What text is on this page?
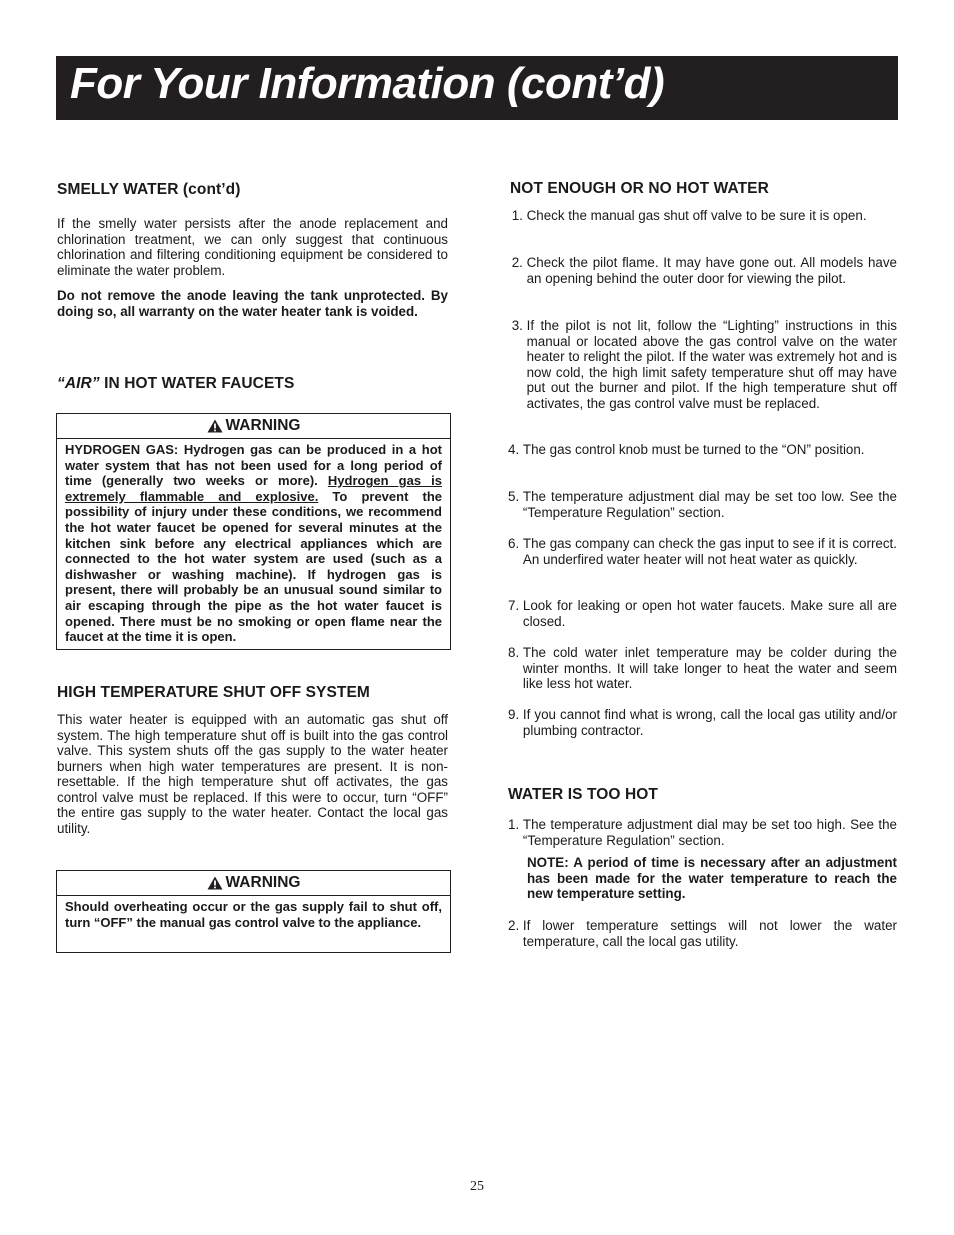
For Your Information (cont’d)

SMELLY WATER (cont’d)

If the smelly water persists after the anode replacement and chlorination treatment, we can only suggest that continuous chlorination and filtering conditioning equipment be considered to eliminate the water problem.

Do not remove the anode leaving the tank unprotected. By doing so, all warranty on the water heater tank is voided.

“AIR” IN HOT WATER FAUCETS

WARNING
HYDROGEN GAS: Hydrogen gas can be produced in a hot water system that has not been used for a long period of time (generally two weeks or more). Hydrogen gas is extremely flammable and explosive. To prevent the possibility of injury under these conditions, we recommend the hot water faucet be opened for several minutes at the kitchen sink before any electrical appliances which are connected to the hot water system are used (such as a dishwasher or washing machine). If hydrogen gas is present, there will probably be an unusual sound similar to air escaping through the pipe as the hot water faucet is opened. There must be no smoking or open flame near the faucet at the time it is open.

HIGH TEMPERATURE SHUT OFF SYSTEM

This water heater is equipped with an automatic gas shut off system. The high temperature shut off is built into the gas control valve. This system shuts off the gas supply to the water heater burners when high water temperatures are present. It is non-resettable. If the high temperature shut off activates, the gas control valve must be replaced. If this were to occur, turn “OFF” the entire gas supply to the water heater. Contact the local gas utility.

WARNING
Should overheating occur or the gas supply fail to shut off, turn “OFF” the manual gas control valve to the appliance.

NOT ENOUGH OR NO HOT WATER

1. Check the manual gas shut off valve to be sure it is open.
2. Check the pilot flame. It may have gone out. All models have an opening behind the outer door for viewing the pilot.
3. If the pilot is not lit, follow the “Lighting” instructions in this manual or located above the gas control valve on the water heater to relight the pilot. If the water was extremely hot and is now cold, the high limit safety temperature shut off may have put out the burner and pilot. If the high temperature shut off activates, the gas control valve must be replaced.
4. The gas control knob must be turned to the “ON” position.
5. The temperature adjustment dial may be set too low. See the “Temperature Regulation” section.
6. The gas company can check the gas input to see if it is correct. An underfired water heater will not heat water as quickly.
7. Look for leaking or open hot water faucets. Make sure all are closed.
8. The cold water inlet temperature may be colder during the winter months. It will take longer to heat the water and seem like less hot water.
9. If you cannot find what is wrong, call the local gas utility and/or plumbing contractor.

WATER IS TOO HOT

1. The temperature adjustment dial may be set too high. See the “Temperature Regulation” section.

NOTE: A period of time is necessary after an adjustment has been made for the water temperature to reach the new temperature setting.

2. If lower temperature settings will not lower the water temperature, call the local gas utility.
25
